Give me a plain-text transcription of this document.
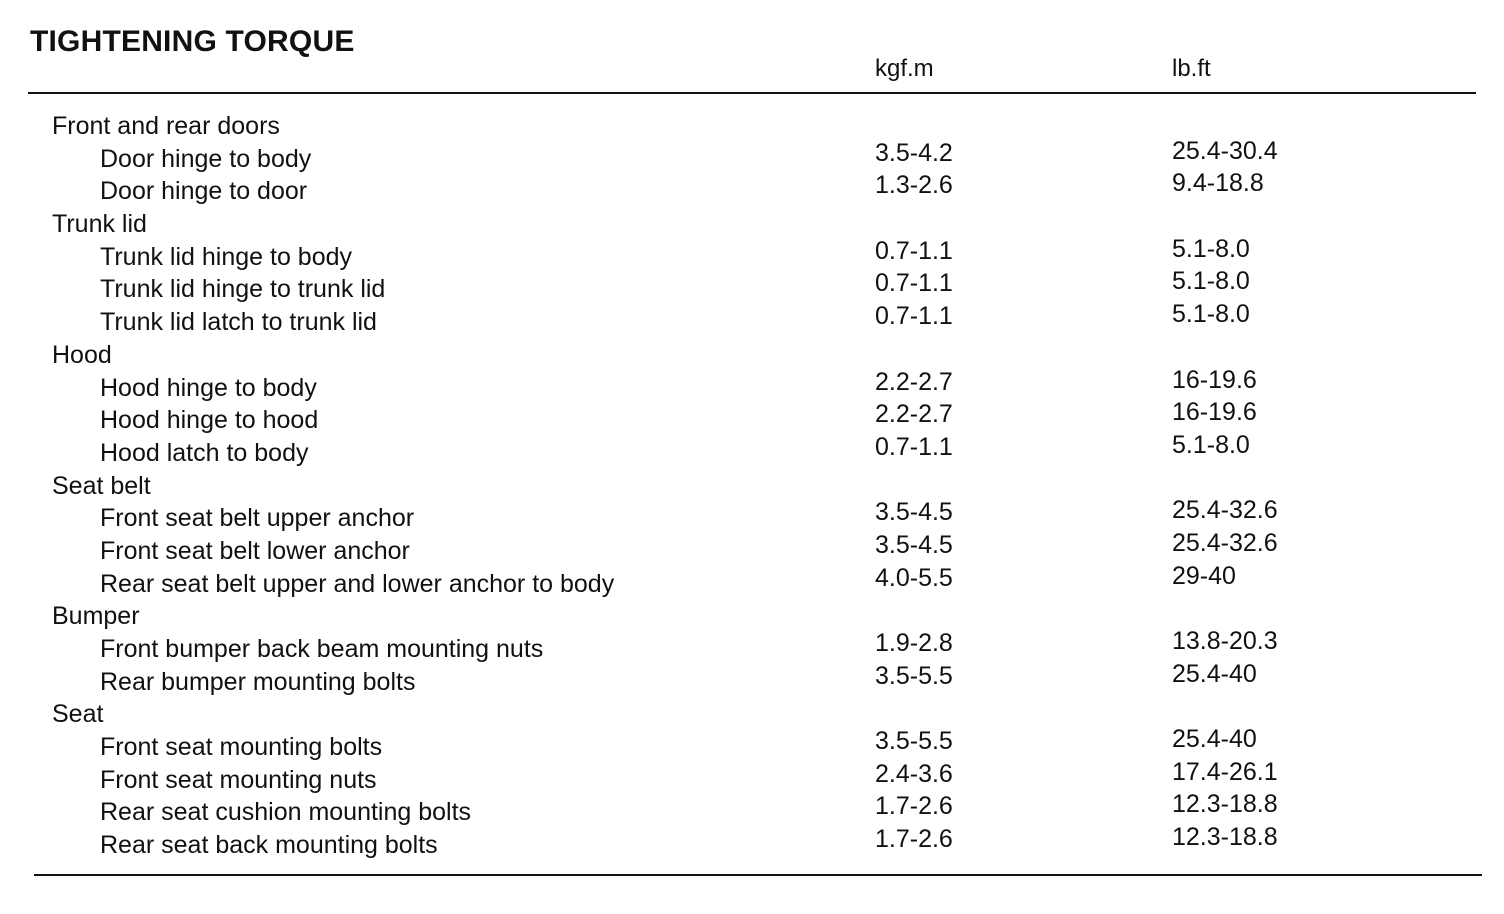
TIGHTENING TORQUE
kgf.m	lb.ft
Front and rear doors
Door hinge to body	3.5-4.2	25.4-30.4
Door hinge to door	1.3-2.6	9.4-18.8
Trunk lid
Trunk lid hinge to body	0.7-1.1	5.1-8.0
Trunk lid hinge to trunk lid	0.7-1.1	5.1-8.0
Trunk lid latch to trunk lid	0.7-1.1	5.1-8.0
Hood
Hood hinge to body	2.2-2.7	16-19.6
Hood hinge to hood	2.2-2.7	16-19.6
Hood latch to body	0.7-1.1	5.1-8.0
Seat belt
Front seat belt upper anchor	3.5-4.5	25.4-32.6
Front seat belt lower anchor	3.5-4.5	25.4-32.6
Rear seat belt upper and lower anchor to body	4.0-5.5	29-40
Bumper
Front bumper back beam mounting nuts	1.9-2.8	13.8-20.3
Rear bumper mounting bolts	3.5-5.5	25.4-40
Seat
Front seat mounting bolts	3.5-5.5	25.4-40
Front seat mounting nuts	2.4-3.6	17.4-26.1
Rear seat cushion mounting bolts	1.7-2.6	12.3-18.8
Rear seat back mounting bolts	1.7-2.6	12.3-18.8
